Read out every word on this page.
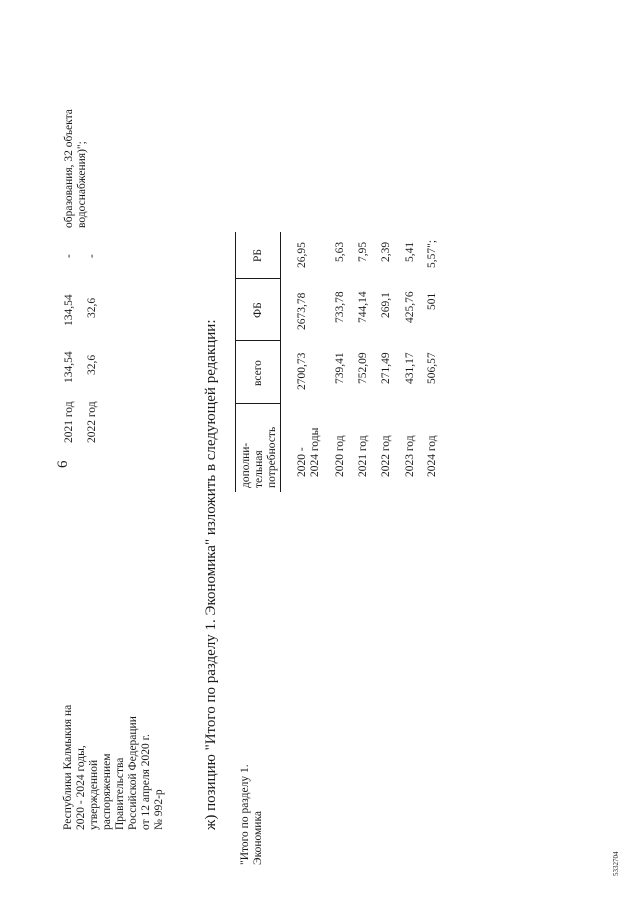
6
Республики Калмыкия на 2020 - 2024 годы, утвержденной распоряжением Правительства Российской Федерации от 12 апреля 2020 г. № 992-р
2021 год 2022 год
134,54 32,6
134,54 32,6
- -
образования, 32 объекта водоснабжения)";
ж) позицию "Итого по разделу 1. Экономика" изложить в следующей редакции: "Итого по разделу 1. Экономика
дополни- тельная потребность
всего
ФБ
РБ
2020 - 2024 годы
2700,73
2673,78
26,95
2020 год
739,41
733,78
5,63
2021 год
752,09
744,14
7,95
2022 год
271,49
269,1
2,39
2023 год
431,17
425,76
5,41
2024 год
506,57
501
5,57";
5332704
